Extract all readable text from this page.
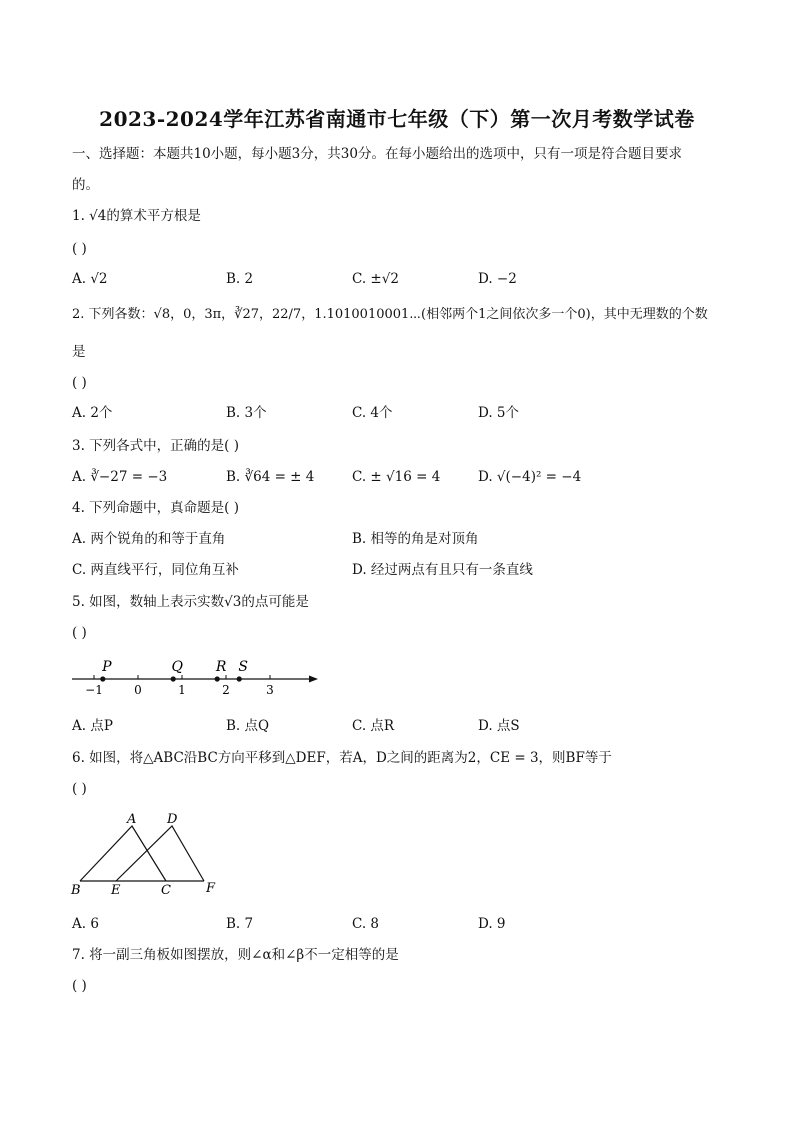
2023-2024学年江苏省南通市七年级（下）第一次月考数学试卷
一、选择题：本题共10小题，每小题3分，共30分。在每小题给出的选项中，只有一项是符合题目要求
的。
1. √4的算术平方根是
( )
A. √2	B. 2	C. ±√2	D. −2
2. 下列各数：√8，0，3π，∛27，22/7，1.1010010001⋯(相邻两个1之间依次多一个0)，其中无理数的个数
是
( )
A. 2个	B. 3个	C. 4个	D. 5个
3. 下列各式中，正确的是( )
A. ∛−27 = −3	B. ∛64 = ± 4	C. ± √16 = 4	D. √(−4)² = −4
4. 下列命题中，真命题是( )
A. 两个锐角的和等于直角	B. 相等的角是对顶角
C. 两直线平行，同位角互补	D. 经过两点有且只有一条直线
5. 如图，数轴上表示实数√3的点可能是
( )
−1	0	1	2	3
P	Q R S
A. 点P	B. 点Q	C. 点R	D. 点S
6. 如图，将△ABC沿BC方向平移到△DEF，若A，D之间的距离为2，CE = 3，则BF等于
( )
A D
B E	C	F
A. 6	B. 7	C. 8	D. 9
7. 将一副三角板如图摆放，则∠α和∠β不一定相等的是
( )
